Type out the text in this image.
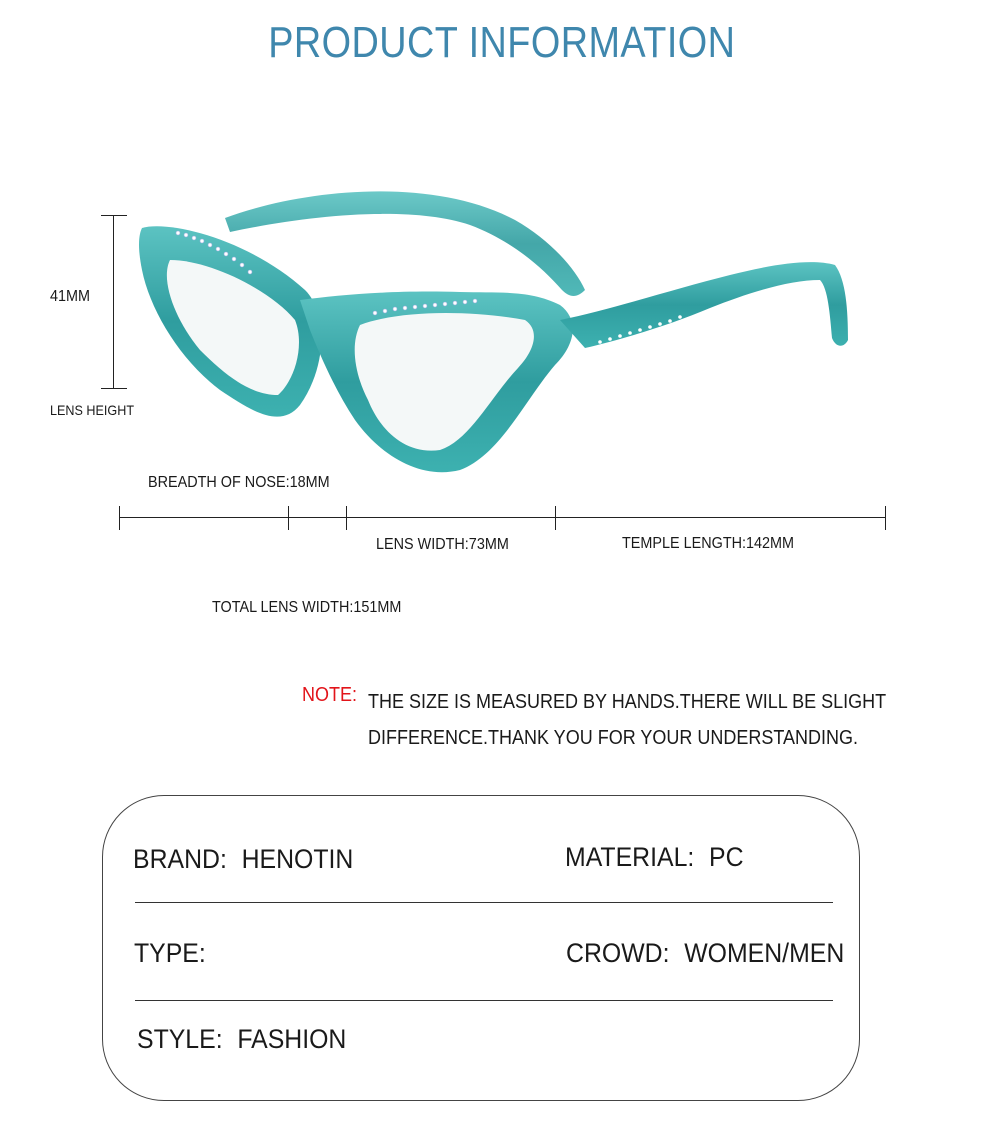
PRODUCT INFORMATION
41MM
LENS HEIGHT
BREADTH OF NOSE:18MM
LENS WIDTH:73MM	TEMPLE LENGTH:142MM
TOTAL LENS WIDTH:151MM
NOTE: THE SIZE IS MEASURED BY HANDS.THERE WILL BE SLIGHT
DIFFERENCE.THANK YOU FOR YOUR UNDERSTANDING.
BRAND: HENOTIN	MATERIAL: PC
TYPE:	CROWD: WOMEN/MEN
STYLE: FASHION
